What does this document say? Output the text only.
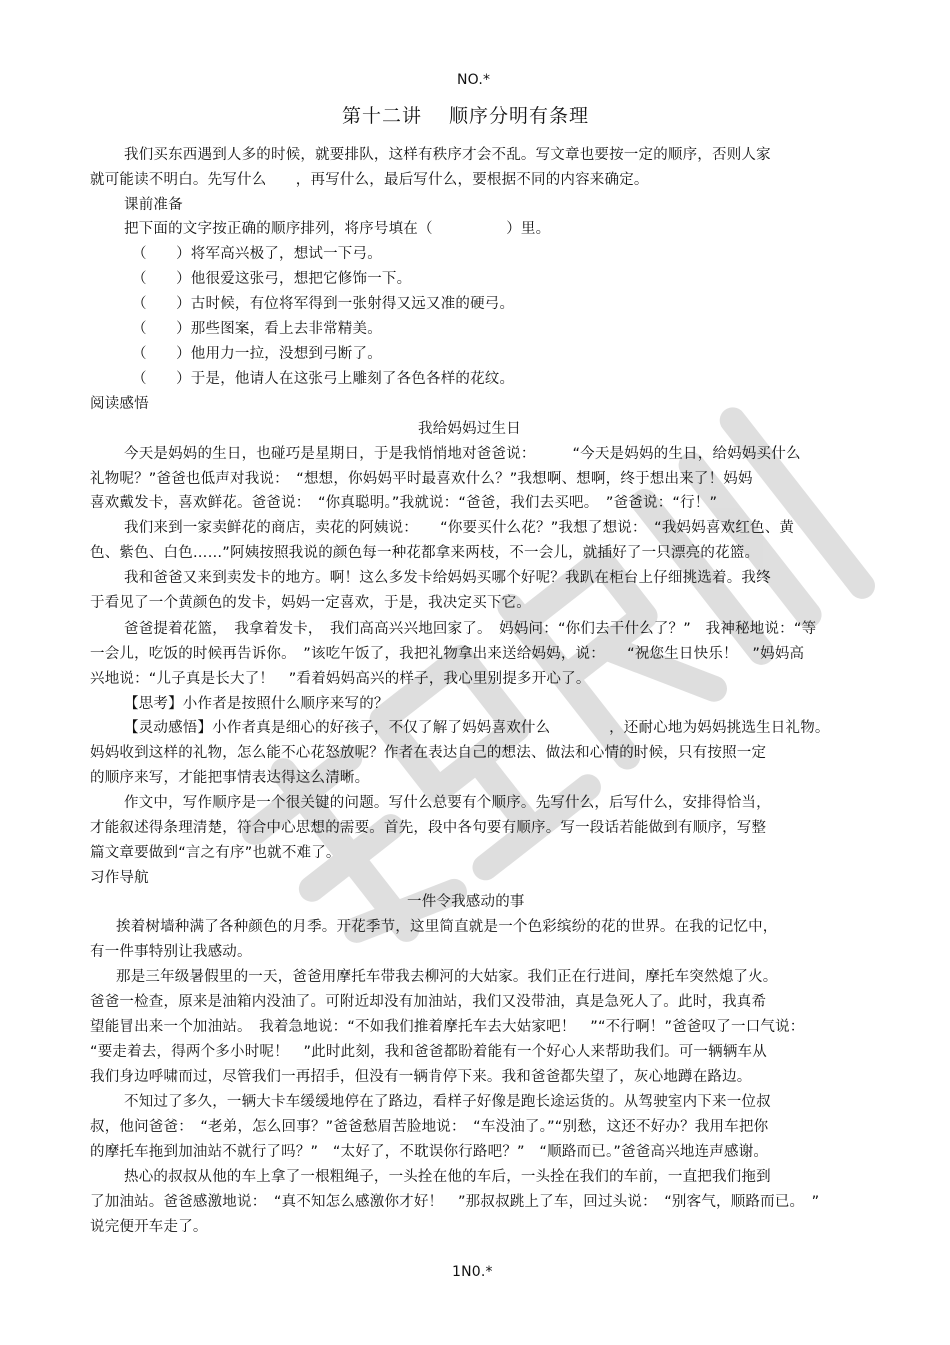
NO.*
第十二讲　 顺序分明有条理
我们买东西遇到人多的时候，就要排队，这样有秩序才会不乱。写文章也要按一定的顺序，否则人家
就可能读不明白。先写什么　　，再写什么，最后写什么，要根据不同的内容来确定。
课前准备
把下面的文字按正确的顺序排列，将序号填在（　　　　　）里。
（　　）将军高兴极了，想试一下弓。
（　　）他很爱这张弓，想把它修饰一下。
（　　）古时候，有位将军得到一张射得又远又准的硬弓。
（　　）那些图案，看上去非常精美。
（　　）他用力一拉，没想到弓断了。
（　　）于是，他请人在这张弓上雕刻了各色各样的花纹。
阅读感悟
我给妈妈过生日
今天是妈妈的生日，也碰巧是星期日，于是我悄悄地对爸爸说：　　　“今天是妈妈的生日，给妈妈买什么
礼物呢？”爸爸也低声对我说：　“想想，你妈妈平时最喜欢什么？”我想啊、想啊，终于想出来了！妈妈
喜欢戴发卡，喜欢鲜花。爸爸说：　“你真聪明。”我就说：“爸爸，我们去买吧。　”爸爸说：“行！”
我们来到一家卖鲜花的商店，卖花的阿姨说：　　“你要买什么花？”我想了想说：　“我妈妈喜欢红色、黄
色、紫色、白色……”阿姨按照我说的颜色每一种花都拿来两枝，不一会儿，就插好了一只漂亮的花篮。
我和爸爸又来到卖发卡的地方。啊！这么多发卡给妈妈买哪个好呢？我趴在柜台上仔细挑选着。我终
于看见了一个黄颜色的发卡，妈妈一定喜欢，于是，我决定买下它。
爸爸提着花篮，　我拿着发卡，　我们高高兴兴地回家了。　妈妈问：“你们去干什么了？”　我神秘地说：“等
一会儿，吃饭的时候再告诉你。　”该吃午饭了，我把礼物拿出来送给妈妈，说：　　“祝您生日快乐！　”妈妈高
兴地说：“儿子真是长大了！　”看着妈妈高兴的样子，我心里别提多开心了。
【思考】小作者是按照什么顺序来写的？
【灵动感悟】小作者真是细心的好孩子，不仅了解了妈妈喜欢什么　　　　，还耐心地为妈妈挑选生日礼物。
妈妈收到这样的礼物，怎么能不心花怒放呢？作者在表达自己的想法、做法和心情的时候，只有按照一定
的顺序来写，才能把事情表达得这么清晰。
作文中，写作顺序是一个很关键的问题。写什么总要有个顺序。先写什么，后写什么，安排得恰当，
才能叙述得条理清楚，符合中心思想的需要。首先，段中各句要有顺序。写一段话若能做到有顺序，写整
篇文章要做到“言之有序”也就不难了。
习作导航
一件令我感动的事
挨着树墙种满了各种颜色的月季。开花季节，这里简直就是一个色彩缤纷的花的世界。在我的记忆中，
有一件事特别让我感动。
那是三年级暑假里的一天，爸爸用摩托车带我去柳河的大姑家。我们正在行进间，摩托车突然熄了火。
爸爸一检查，原来是油箱内没油了。可附近却没有加油站，我们又没带油，真是急死人了。此时，我真希
望能冒出来一个加油站。　我着急地说：“不如我们推着摩托车去大姑家吧！　”“不行啊！”爸爸叹了一口气说：
“要走着去，得两个多小时呢！　”此时此刻，我和爸爸都盼着能有一个好心人来帮助我们。可一辆辆车从
我们身边呼啸而过，尽管我们一再招手，但没有一辆肯停下来。我和爸爸都失望了，灰心地蹲在路边。
不知过了多久，一辆大卡车缓缓地停在了路边，看样子好像是跑长途运货的。从驾驶室内下来一位叔
叔，他问爸爸：　“老弟，怎么回事？”爸爸愁眉苦脸地说：　“车没油了。”“别愁，这还不好办？我用车把你
的摩托车拖到加油站不就行了吗？”　“太好了，不耽误你行路吧？”　“顺路而已。”爸爸高兴地连声感谢。
热心的叔叔从他的车上拿了一根粗绳子，一头拴在他的车后，一头拴在我们的车前，一直把我们拖到
了加油站。爸爸感激地说：　“真不知怎么感激你才好！　”那叔叔跳上了车，回过头说：　“别客气，顺路而已。　”
说完便开车走了。
1N0.*
